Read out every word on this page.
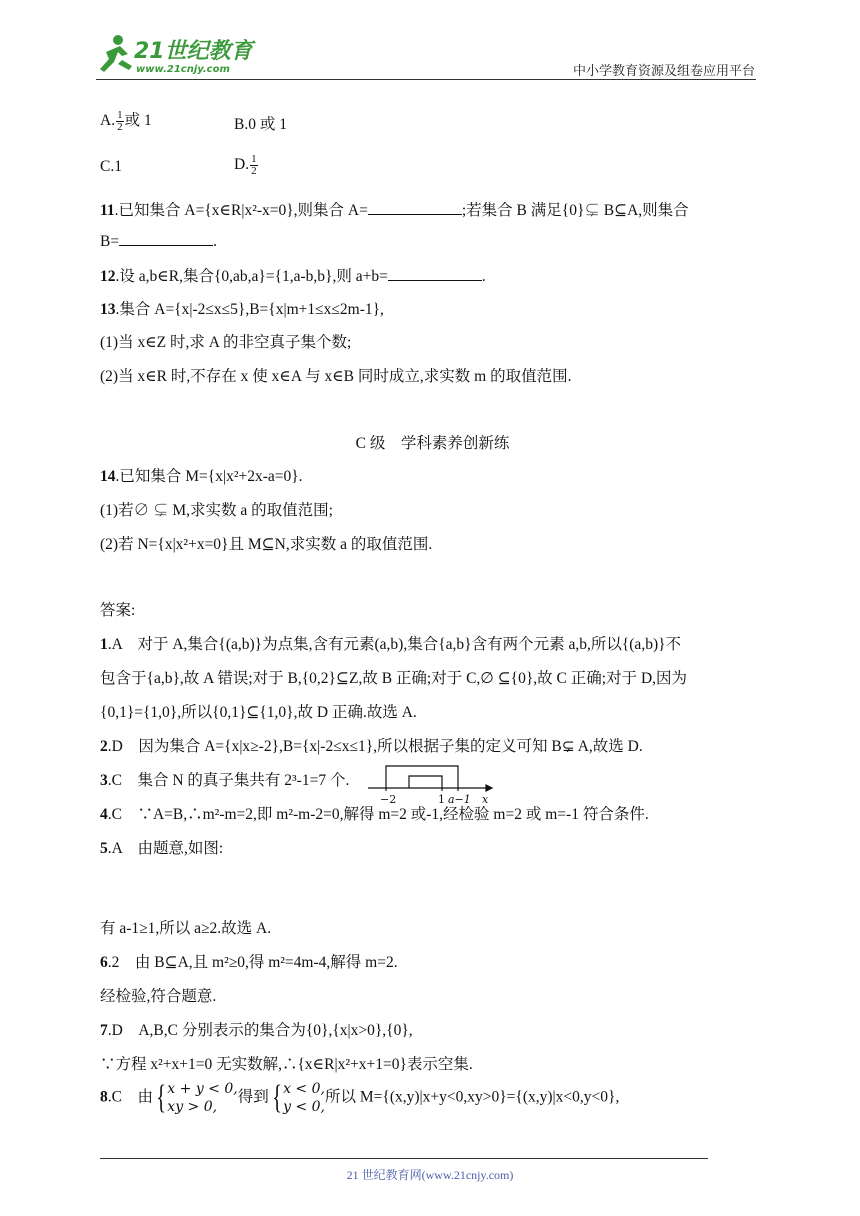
21世纪教育
www.21cnjy.com	中小学教育资源及组卷应用平台
A. $\frac{1}{2}$ 或 1	B.0 或 1
C.1	D. $\frac{1}{2}$
11.已知集合 A={x∈R|x²-x=0},则集合 A=	;若集合 B 满足{0}⊊ B⊆A,则集合
B=	.
12.设 a,b∈R,集合{0,ab,a}={1,a-b,b},则 a+b=	.
13.集合 A={x|-2≤x≤5},B={x|m+1≤x≤2m-1},
(1)当 x∈Z 时,求 A 的非空真子集个数;
(2)当 x∈R 时,不存在 x 使 x∈A 与 x∈B 同时成立,求实数 m 的取值范围.
C 级　学科素养创新练
14.已知集合 M={x|x²+2x-a=0}.
(1)若∅ ⊊ M,求实数 a 的取值范围;
(2)若 N={x|x²+x=0}且 M⊆N,求实数 a 的取值范围.
答案:
1.A　对于 A,集合{(a,b)}为点集,含有元素(a,b),集合{a,b}含有两个元素 a,b,所以{(a,b)}不
包含于{a,b},故 A 错误;对于 B,{0,2}⊆Z,故 B 正确;对于 C,∅ ⊆{0},故 C 正确;对于 D,因为
{0,1}={1,0},所以{0,1}⊆{1,0},故 D 正确.故选 A.
2.D　因为集合 A={x|x≥-2},B={x|-2≤x≤1},所以根据子集的定义可知 B⊊ A,故选 D.
3.C　集合 N 的真子集共有 2³-1=7 个.
4.C　∵A=B,∴m²-m=2,即 m²-m-2=0,解得 m=2 或-1,经检验 m=2 或 m=-1 符合条件.
5.A　由题意,如图:
有 a-1≥1,所以 a≥2.故选 A.
6.2　由 B⊆A,且 m²≥0,得 m²=4m-4,解得 m=2.
经检验,符合题意.
7.D　A,B,C 分别表示的集合为{0},{x|x>0},{0},
∵方程 x²+x+1=0 无实数解,∴{x∈R|x²+x+1=0}表示空集.
8.C　由 { x + y < 0,
xy > 0,
得到 { x < 0,
y < 0,
所以 M={(x,y)|x+y<0,xy>0}={(x,y)|x<0,y<0},
−2	1 a−1 x
21 世纪教育网(www.21cnjy.com)
